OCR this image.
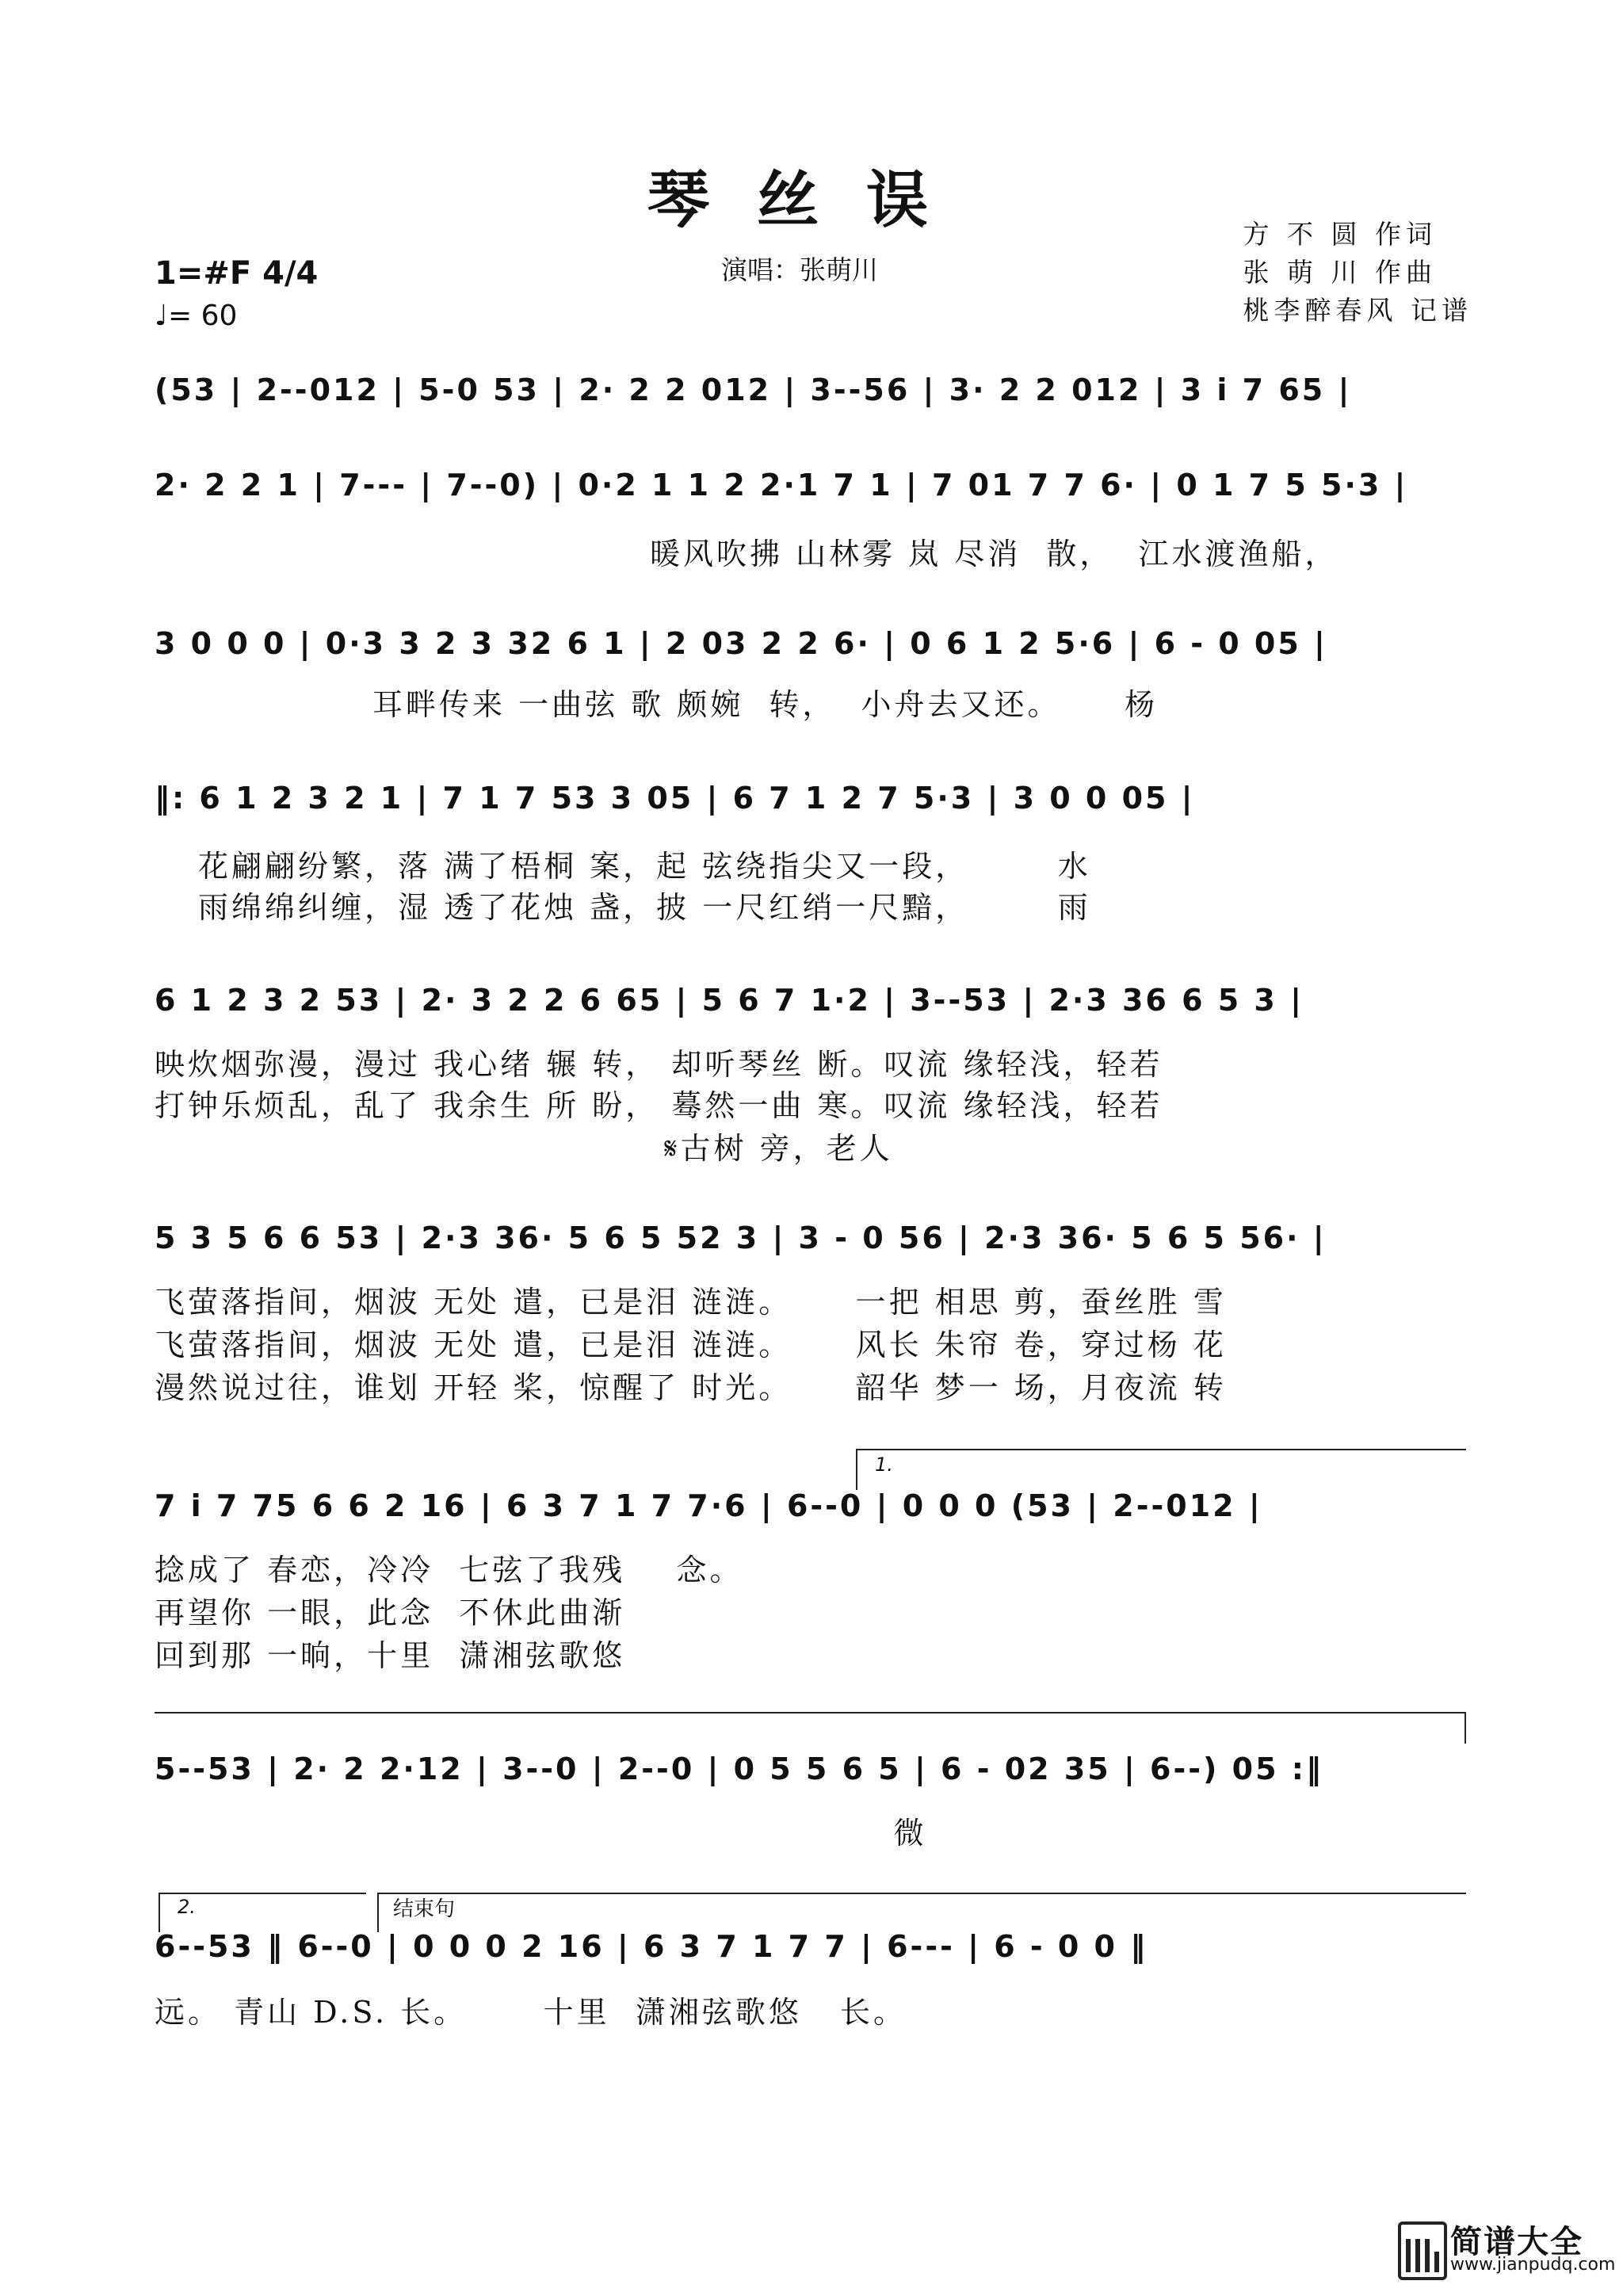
琴丝误
1=#F 4/4
♩= 60
演唱：张萌川
方 不 圆 作词
张 萌 川 作曲
桃李醉春风 记谱
(53 | 2--012 | 5-0 53 | 2· 2 2 012 | 3--56 | 3· 2 2 012 | 3 i 7 65 |
2· 2 2 1 | 7--- | 7--0) | 0·2 1 1 2 2·1 7 1 | 7 01 7 7 6· | 0 1 7 5 5·3 |
暖风吹拂 山林雾 岚 尽消  散，  江水渡渔船，
3 0 0 0 | 0·3 3 2 3 32 6 1 | 2 03 2 2 6· | 0 6 1 2 5·6 | 6 - 0 05 |
耳畔传来 一曲弦 歌 颇婉  转，  小舟去又还。     杨
‖: 6 1 2 3 2 1 | 7 1 7 53 3 05 | 6 7 1 2 7 5·3 | 3 0 0 05 |
花翩翩纷繁，落 满了梧桐 案，起 弦绕指尖又一段，       水
雨绵绵纠缠，湿 透了花烛 盏，披 一尺红绡一尺黯，       雨
6 1 2 3 2 53 | 2· 3 2 2 6 65 | 5 6 7 1·2 | 3--53 | 2·3 36 6 5 3 |
映炊烟弥漫，漫过 我心绪 辗 转， 却听琴丝 断。叹流 缘轻浅，轻若
打钟乐烦乱，乱了 我余生 所 盼， 蓦然一曲 寒。叹流 缘轻浅，轻若
𝄋古树 旁，老人
5 3 5 6 6 53 | 2·3 36· 5 6 5 52 3 | 3 - 0 56 | 2·3 36· 5 6 5 56· |
飞萤落指间，烟波 无处 遣，已是泪 涟涟。     一把 相思 剪，蚕丝胜 雪
飞萤落指间，烟波 无处 遣，已是泪 涟涟。     风长 朱帘 卷，穿过杨 花
漫然说过往，谁划 开轻 桨，惊醒了 时光。     韶华 梦一 场，月夜流 转
1.
7 i 7 75 6 6 2 16 | 6 3 7 1 7 7·6 | 6--0 | 0 0 0 (53 | 2--012 |
捻成了 春恋，冷冷  七弦了我残    念。
再望你 一眼，此念  不休此曲渐
回到那 一晌，十里  潇湘弦歌悠
5--53 | 2· 2 2·12 | 3--0 | 2--0 | 0 5 5 6 5 | 6 - 02 35 | 6--) 05 :‖
微
2.	结束句
6--53 ‖ 6--0 | 0 0 0 2 16 | 6 3 7 1 7 7 | 6--- | 6 - 0 0 ‖
远。 青山 D.S. 长。      十里  潇湘弦歌悠   长。
简谱大全
www.jianpudq.com
